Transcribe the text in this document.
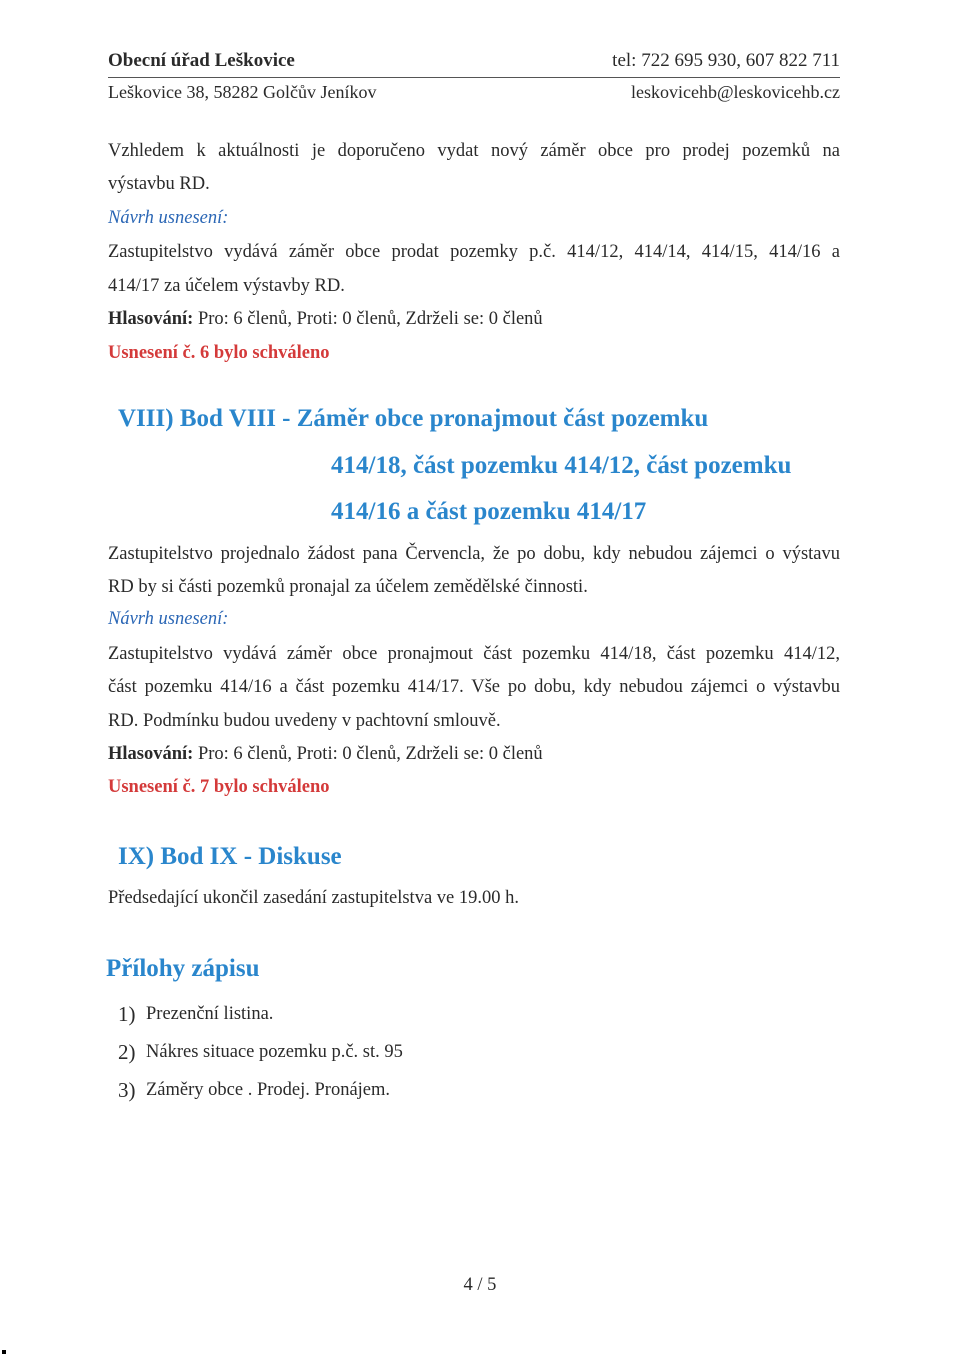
Obecní úřad Leškovice	tel: 722 695 930, 607 822 711
Leškovice 38, 58282 Golčův Jeníkov	leskovicehb@leskovicehb.cz

Vzhledem k aktuálnosti je doporučeno vydat nový záměr obce pro prodej pozemků na

výstavbu RD.

Návrh usnesení:

Zastupitelstvo vydává záměr obce prodat pozemky p.č. 414/12, 414/14, 414/15, 414/16 a

414/17 za účelem výstavby RD.

Hlasování: Pro: 6 členů, Proti: 0 členů, Zdrželi se: 0 členů

Usnesení č. 6 bylo schváleno

VIII) Bod VIII - Záměr obce pronajmout část pozemku
414/18, část pozemku 414/12, část pozemku
414/16 a část pozemku 414/17

Zastupitelstvo projednalo žádost pana Červencla, že po dobu, kdy nebudou zájemci o výstavu

RD by si části pozemků pronajal za účelem zemědělské činnosti.

Návrh usnesení:

Zastupitelstvo vydává záměr obce pronajmout část pozemku 414/18, část pozemku 414/12,

část pozemku 414/16 a část pozemku 414/17. Vše po dobu, kdy nebudou zájemci o výstavbu

RD. Podmínku budou uvedeny v pachtovní smlouvě.

Hlasování: Pro: 6 členů, Proti: 0 členů, Zdrželi se: 0 členů

Usnesení č. 7 bylo schváleno

IX) Bod IX - Diskuse

Předsedající ukončil zasedání zastupitelstva ve 19.00 h.

Přílohy zápisu
1) Prezenční listina.
2) Nákres situace pozemku p.č. st. 95
3) Záměry obce . Prodej. Pronájem.
4 / 5
